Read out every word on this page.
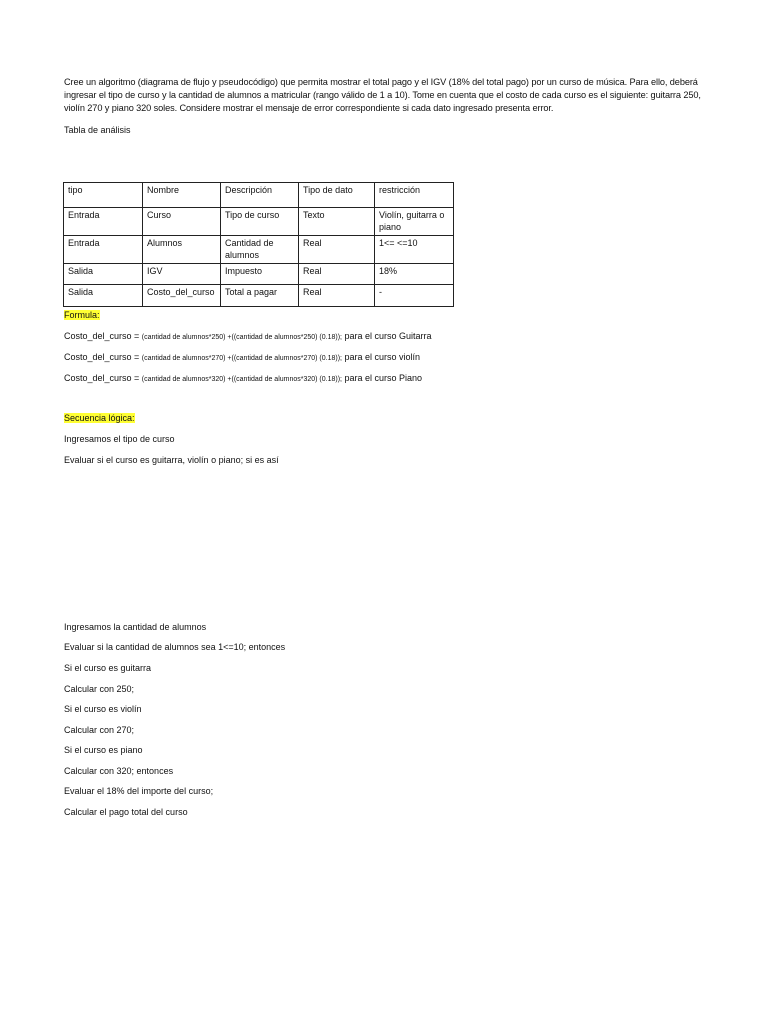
Cree un algoritmo (diagrama de flujo y pseudocódigo) que permita mostrar el total pago y el IGV (18% del total pago) por un curso de música. Para ello, deberá ingresar el tipo de curso y la cantidad de alumnos a matricular (rango válido de 1 a 10). Tome en cuenta que el costo de cada curso es el siguiente: guitarra 250, violín 270 y piano 320 soles. Considere mostrar el mensaje de error correspondiente si cada dato ingresado presenta error.
Tabla de análisis
tipo	Nombre	Descripción	Tipo de dato	restricción
Entrada	Curso	Tipo de curso	Texto	Violín, guitarra o piano
Entrada	Alumnos	Cantidad de alumnos	Real	1<= <=10
Salida	IGV	Impuesto	Real	18%
Salida	Costo_del_curso	Total a pagar	Real	-
Formula:
Costo_del_curso = (cantidad de alumnos*250) +((cantidad de alumnos*250) (0.18)); para el curso Guitarra
Costo_del_curso = (cantidad de alumnos*270) +((cantidad de alumnos*270) (0.18)); para el curso violín
Costo_del_curso = (cantidad de alumnos*320) +((cantidad de alumnos*320) (0.18)); para el curso Piano
Secuencia lógica:
Ingresamos el tipo de curso
Evaluar si el curso es guitarra, violín o piano; si es así
Ingresamos la cantidad de alumnos
Evaluar si la cantidad de alumnos sea 1<=10; entonces
Si el curso es guitarra
Calcular con 250;
Si el curso es violín
Calcular con 270;
Si el curso es piano
Calcular con 320; entonces
Evaluar el 18% del importe del curso;
Calcular el pago total del curso
